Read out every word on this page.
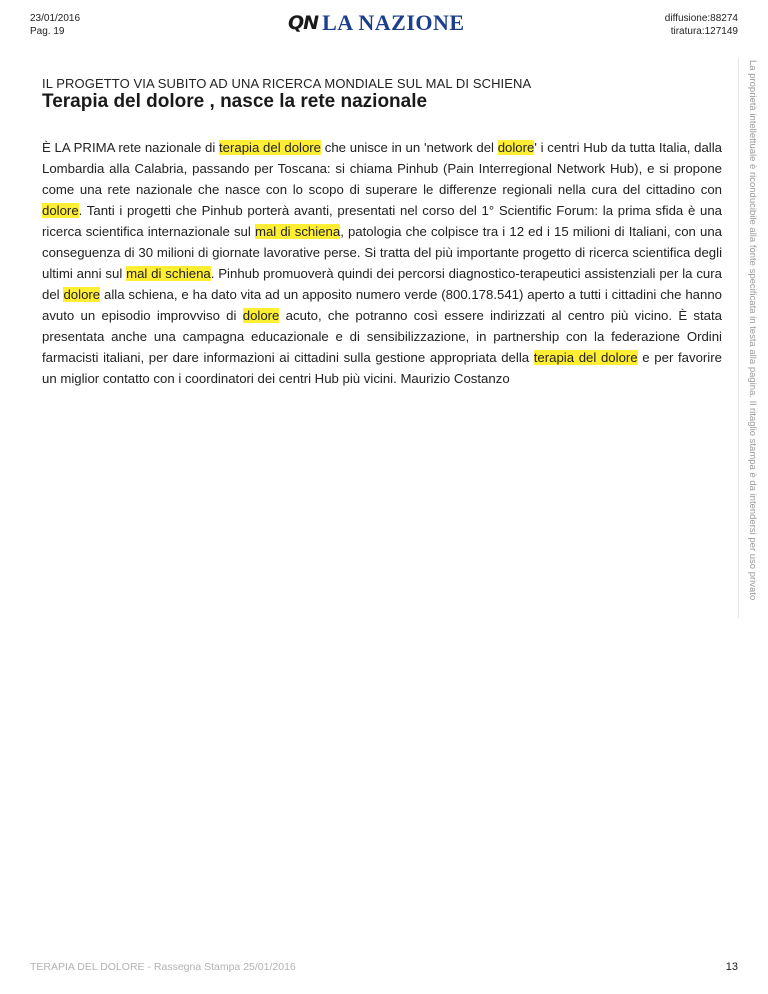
23/01/2016
Pag. 19	QN LA NAZIONE	diffusione:88274
tiratura:127149
La proprietà intellettuale è riconducibile alla fonte specificata in testa alla pagina. Il ritaglio stampa è da intendersi per uso privato
IL PROGETTO VIA SUBITO AD UNA RICERCA MONDIALE SUL MAL DI SCHIENA
Terapia del dolore , nasce la rete nazionale

È LA PRIMA rete nazionale di terapia del dolore che unisce in un 'network del dolore' i centri Hub da tutta Italia, dalla Lombardia alla Calabria, passando per Toscana: si chiama Pinhub (Pain Interregional Network Hub), e si propone come una rete nazionale che nasce con lo scopo di superare le differenze regionali nella cura del cittadino con dolore. Tanti i progetti che Pinhub porterà avanti, presentati nel corso del 1° Scientific Forum: la prima sfida è una ricerca scientifica internazionale sul mal di schiena, patologia che colpisce tra i 12 ed i 15 milioni di Italiani, con una conseguenza di 30 milioni di giornate lavorative perse. Si tratta del più importante progetto di ricerca scientifica degli ultimi anni sul mal di schiena. Pinhub promuoverà quindi dei percorsi diagnostico-terapeutici assistenziali per la cura del dolore alla schiena, e ha dato vita ad un apposito numero verde (800.178.541) aperto a tutti i cittadini che hanno avuto un episodio improvviso di dolore acuto, che potranno così essere indirizzati al centro più vicino. È stata presentata anche una campagna educazionale e di sensibilizzazione, in partnership con la federazione Ordini farmacisti italiani, per dare informazioni ai cittadini sulla gestione appropriata della terapia del dolore e per favorire un miglior contatto con i coordinatori dei centri Hub più vicini. Maurizio Costanzo

TERAPIA DEL DOLORE - Rassegna Stampa 25/01/2016	13
